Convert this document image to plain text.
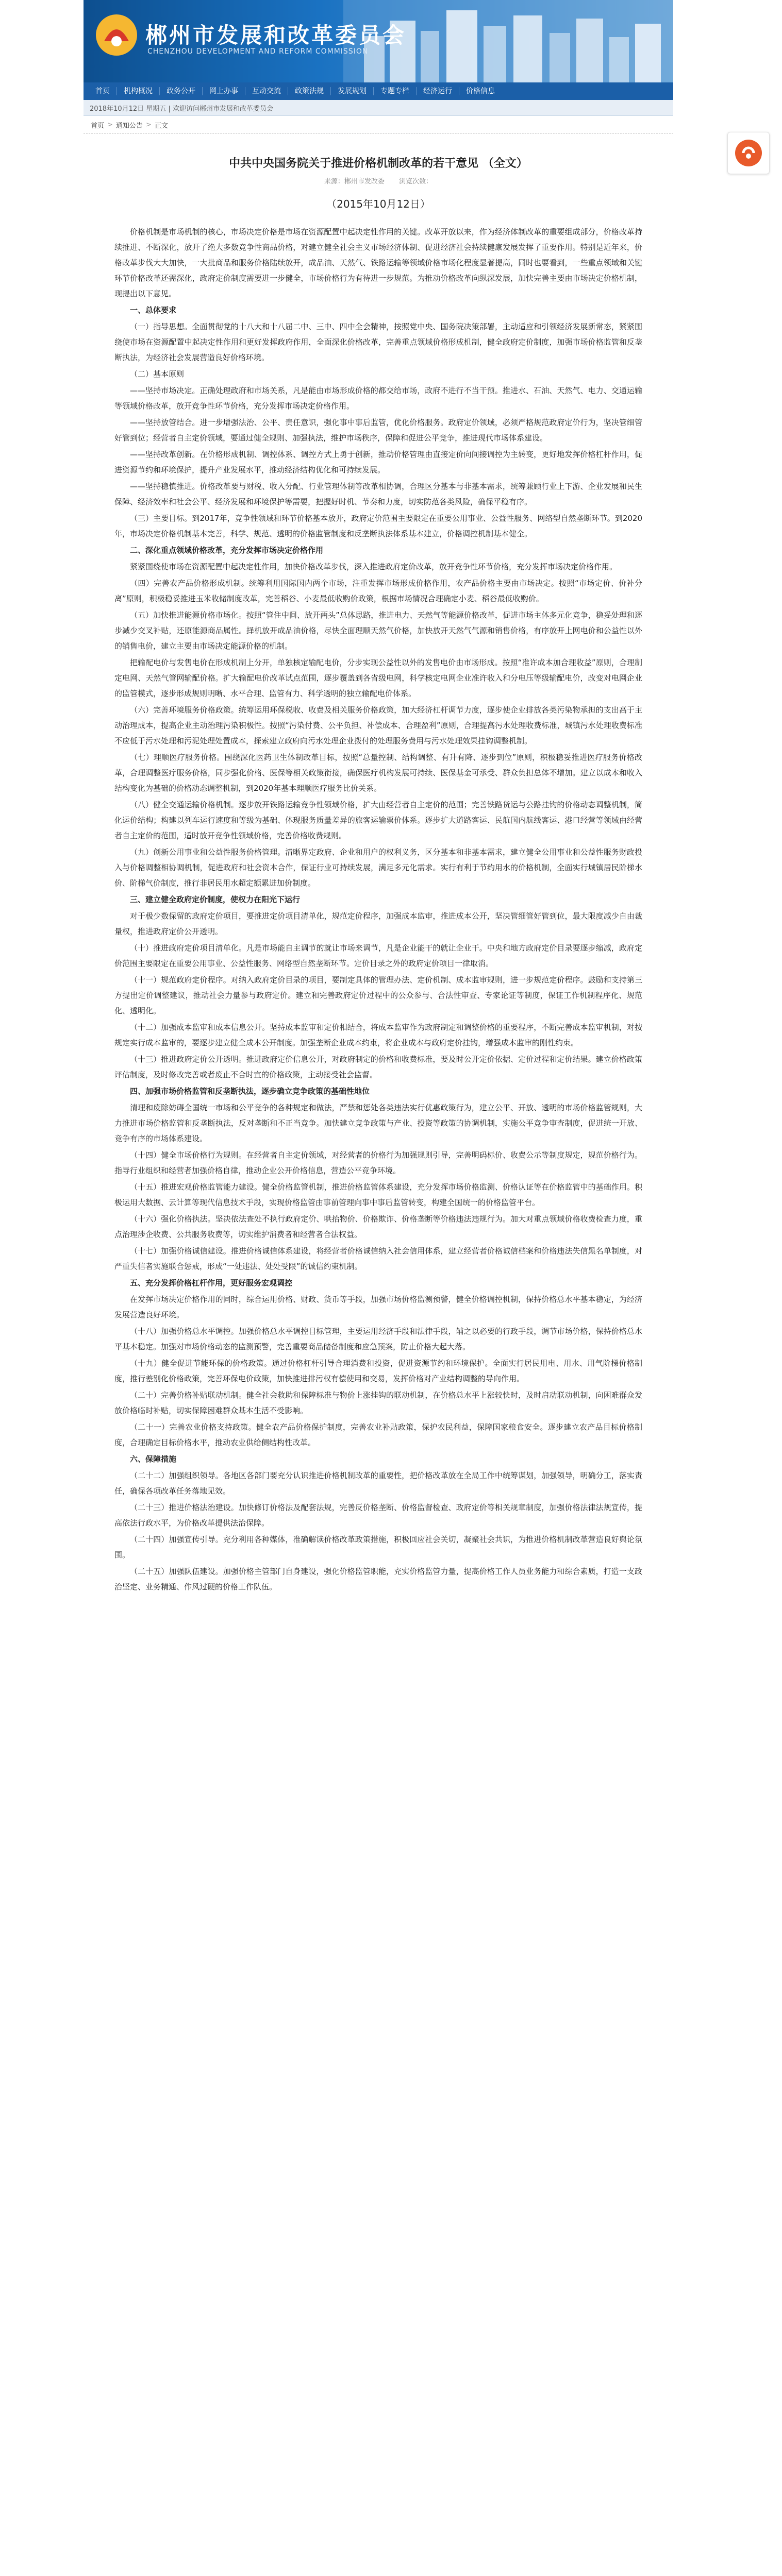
郴州市发展和改革委员会
CHENZHOU DEVELOPMENT AND REFORM COMMISSION
首页	机构概况	政务公开	网上办事	互动交流	政策法规	发展规划	专题专栏	经济运行	价格信息
2018年10月12日 星期五 | 欢迎访问郴州市发展和改革委员会
首页 > 通知公告 > 正文
中共中央国务院关于推进价格机制改革的若干意见 （全文）
来源：郴州市发改委 浏览次数：
（2015年10月12日）

价格机制是市场机制的核心，市场决定价格是市场在资源配置中起决定性作用的关键。改革开放以来，作为经济体制改革的重要组成部分，价格改革持续推进、不断深化，放开了绝大多数竞争性商品价格，对建立健全社会主义市场经济体制、促进经济社会持续健康发展发挥了重要作用。特别是近年来，价格改革步伐大大加快，一大批商品和服务价格陆续放开，成品油、天然气、铁路运输等领域价格市场化程度显著提高，同时也要看到，一些重点领域和关键环节价格改革还需深化，政府定价制度需要进一步健全，市场价格行为有待进一步规范。为推动价格改革向纵深发展，加快完善主要由市场决定价格机制，现提出以下意见。

一、总体要求

（一）指导思想。全面贯彻党的十八大和十八届二中、三中、四中全会精神，按照党中央、国务院决策部署，主动适应和引领经济发展新常态，紧紧围绕使市场在资源配置中起决定性作用和更好发挥政府作用，全面深化价格改革，完善重点领域价格形成机制，健全政府定价制度，加强市场价格监管和反垄断执法，为经济社会发展营造良好价格环境。

（二）基本原则

——坚持市场决定。正确处理政府和市场关系，凡是能由市场形成价格的都交给市场，政府不进行不当干预。推进水、石油、天然气、电力、交通运输等领域价格改革，放开竞争性环节价格，充分发挥市场决定价格作用。

——坚持放管结合。进一步增强法治、公平、责任意识，强化事中事后监管，优化价格服务。政府定价领域，必须严格规范政府定价行为，坚决管细管好管到位；经营者自主定价领域，要通过健全规则、加强执法，维护市场秩序，保障和促进公平竞争，推进现代市场体系建设。

——坚持改革创新。在价格形成机制、调控体系、调控方式上勇于创新，推动价格管理由直接定价向间接调控为主转变，更好地发挥价格杠杆作用，促进资源节约和环境保护，提升产业发展水平，推动经济结构优化和可持续发展。

——坚持稳慎推进。价格改革要与财税、收入分配、行业管理体制等改革相协调，合理区分基本与非基本需求，统筹兼顾行业上下游、企业发展和民生保障、经济效率和社会公平、经济发展和环境保护等需要，把握好时机、节奏和力度，切实防范各类风险，确保平稳有序。

（三）主要目标。到2017年，竞争性领域和环节价格基本放开，政府定价范围主要限定在重要公用事业、公益性服务、网络型自然垄断环节。到2020年，市场决定价格机制基本完善，科学、规范、透明的价格监管制度和反垄断执法体系基本建立，价格调控机制基本健全。

二、深化重点领域价格改革，充分发挥市场决定价格作用

紧紧围绕使市场在资源配置中起决定性作用，加快价格改革步伐，深入推进政府定价改革，放开竞争性环节价格，充分发挥市场决定价格作用。

（四）完善农产品价格形成机制。统筹利用国际国内两个市场，注重发挥市场形成价格作用，农产品价格主要由市场决定。按照“市场定价、价补分离”原则，积极稳妥推进玉米收储制度改革，完善稻谷、小麦最低收购价政策，根据市场情况合理确定小麦、稻谷最低收购价。

（五）加快推进能源价格市场化。按照“管住中间、放开两头”总体思路，推进电力、天然气等能源价格改革，促进市场主体多元化竞争，稳妥处理和逐步减少交叉补贴，还原能源商品属性。择机放开成品油价格，尽快全面理顺天然气价格，加快放开天然气气源和销售价格，有序放开上网电价和公益性以外的销售电价，建立主要由市场决定能源价格的机制。

把输配电价与发售电价在形成机制上分开，单独核定输配电价，分步实现公益性以外的发售电价由市场形成。按照“准许成本加合理收益”原则，合理制定电网、天然气管网输配价格。扩大输配电价改革试点范围，逐步覆盖到各省级电网，科学核定电网企业准许收入和分电压等级输配电价，改变对电网企业的监管模式，逐步形成规则明晰、水平合理、监管有力、科学透明的独立输配电价体系。

（六）完善环境服务价格政策。统筹运用环保税收、收费及相关服务价格政策，加大经济杠杆调节力度，逐步使企业排放各类污染物承担的支出高于主动治理成本，提高企业主动治理污染积极性。按照“污染付费、公平负担、补偿成本、合理盈利”原则，合理提高污水处理收费标准，城镇污水处理收费标准不应低于污水处理和污泥处理处置成本，探索建立政府向污水处理企业拨付的处理服务费用与污水处理效果挂钩调整机制。

（七）理顺医疗服务价格。围绕深化医药卫生体制改革目标，按照“总量控制、结构调整、有升有降、逐步到位”原则，积极稳妥推进医疗服务价格改革，合理调整医疗服务价格，同步强化价格、医保等相关政策衔接，确保医疗机构发展可持续、医保基金可承受、群众负担总体不增加。建立以成本和收入结构变化为基础的价格动态调整机制，到2020年基本理顺医疗服务比价关系。

（八）健全交通运输价格机制。逐步放开铁路运输竞争性领域价格，扩大由经营者自主定价的范围；完善铁路货运与公路挂钩的价格动态调整机制，简化运价结构；构建以列车运行速度和等级为基础、体现服务质量差异的旅客运输票价体系。逐步扩大道路客运、民航国内航线客运、港口经营等领域由经营者自主定价的范围，适时放开竞争性领域价格，完善价格收费规则。

（九）创新公用事业和公益性服务价格管理。清晰界定政府、企业和用户的权利义务，区分基本和非基本需求，建立健全公用事业和公益性服务财政投入与价格调整相协调机制，促进政府和社会资本合作，保证行业可持续发展，满足多元化需求。实行有利于节约用水的价格机制，全面实行城镇居民阶梯水价、阶梯气价制度，推行非居民用水超定额累进加价制度。

三、建立健全政府定价制度，使权力在阳光下运行

对于极少数保留的政府定价项目，要推进定价项目清单化，规范定价程序，加强成本监审，推进成本公开，坚决管细管好管到位，最大限度减少自由裁量权，推进政府定价公开透明。

（十）推进政府定价项目清单化。凡是市场能自主调节的就让市场来调节，凡是企业能干的就让企业干。中央和地方政府定价目录要逐步缩减，政府定价范围主要限定在重要公用事业、公益性服务、网络型自然垄断环节。定价目录之外的政府定价项目一律取消。

（十一）规范政府定价程序。对纳入政府定价目录的项目，要制定具体的管理办法、定价机制、成本监审规则，进一步规范定价程序。鼓励和支持第三方提出定价调整建议，推动社会力量参与政府定价。建立和完善政府定价过程中的公众参与、合法性审查、专家论证等制度，保证工作机制程序化、规范化、透明化。

（十二）加强成本监审和成本信息公开。坚持成本监审和定价相结合，将成本监审作为政府制定和调整价格的重要程序，不断完善成本监审机制，对按规定实行成本监审的，要逐步建立健全成本公开制度。加强垄断企业成本约束，将企业成本与政府定价挂钩，增强成本监审的刚性约束。

（十三）推进政府定价公开透明。推进政府定价信息公开，对政府制定的价格和收费标准，要及时公开定价依据、定价过程和定价结果。建立价格政策评估制度，及时修改完善或者废止不合时宜的价格政策，主动接受社会监督。

四、加强市场价格监管和反垄断执法，逐步确立竞争政策的基础性地位

清理和废除妨碍全国统一市场和公平竞争的各种规定和做法，严禁和惩处各类违法实行优惠政策行为，建立公平、开放、透明的市场价格监管规则，大力推进市场价格监管和反垄断执法，反对垄断和不正当竞争。加快建立竞争政策与产业、投资等政策的协调机制，实施公平竞争审查制度，促进统一开放、竞争有序的市场体系建设。

（十四）健全市场价格行为规则。在经营者自主定价领域，对经营者的价格行为加强规则引导，完善明码标价、收费公示等制度规定，规范价格行为。指导行业组织和经营者加强价格自律，推动企业公开价格信息，营造公平竞争环境。

（十五）推进宏观价格监管能力建设。健全价格监管机制，推进价格监管体系建设，充分发挥市场价格监测、价格认证等在价格监管中的基础作用。积极运用大数据、云计算等现代信息技术手段，实现价格监管由事前管理向事中事后监管转变，构建全国统一的价格监管平台。

（十六）强化价格执法。坚决依法查处不执行政府定价、哄抬物价、价格欺诈、价格垄断等价格违法违规行为。加大对重点领域价格收费检查力度，重点治理涉企收费、公共服务收费等，切实维护消费者和经营者合法权益。

（十七）加强价格诚信建设。推进价格诚信体系建设，将经营者价格诚信纳入社会信用体系，建立经营者价格诚信档案和价格违法失信黑名单制度，对严重失信者实施联合惩戒，形成“一处违法、处处受限”的诚信约束机制。

五、充分发挥价格杠杆作用，更好服务宏观调控

在发挥市场决定价格作用的同时，综合运用价格、财政、货币等手段，加强市场价格监测预警，健全价格调控机制，保持价格总水平基本稳定，为经济发展营造良好环境。

（十八）加强价格总水平调控。加强价格总水平调控目标管理，主要运用经济手段和法律手段，辅之以必要的行政手段，调节市场价格，保持价格总水平基本稳定。加强对市场价格动态的监测预警，完善重要商品储备制度和应急预案，防止价格大起大落。

（十九）健全促进节能环保的价格政策。通过价格杠杆引导合理消费和投资，促进资源节约和环境保护。全面实行居民用电、用水、用气阶梯价格制度，推行差别化价格政策，完善环保电价政策，加快推进排污权有偿使用和交易，发挥价格对产业结构调整的导向作用。

（二十）完善价格补贴联动机制。健全社会救助和保障标准与物价上涨挂钩的联动机制，在价格总水平上涨较快时，及时启动联动机制，向困难群众发放价格临时补贴，切实保障困难群众基本生活不受影响。

（二十一）完善农业价格支持政策。健全农产品价格保护制度，完善农业补贴政策，保护农民利益，保障国家粮食安全。逐步建立农产品目标价格制度，合理确定目标价格水平，推动农业供给侧结构性改革。

六、保障措施

（二十二）加强组织领导。各地区各部门要充分认识推进价格机制改革的重要性，把价格改革放在全局工作中统筹谋划，加强领导，明确分工，落实责任，确保各项改革任务落地见效。

（二十三）推进价格法治建设。加快修订价格法及配套法规，完善反价格垄断、价格监督检查、政府定价等相关规章制度，加强价格法律法规宣传，提高依法行政水平，为价格改革提供法治保障。

（二十四）加强宣传引导。充分利用各种媒体，准确解读价格改革政策措施，积极回应社会关切，凝聚社会共识，为推进价格机制改革营造良好舆论氛围。

（二十五）加强队伍建设。加强价格主管部门自身建设，强化价格监管职能，充实价格监管力量，提高价格工作人员业务能力和综合素质，打造一支政治坚定、业务精通、作风过硬的价格工作队伍。
